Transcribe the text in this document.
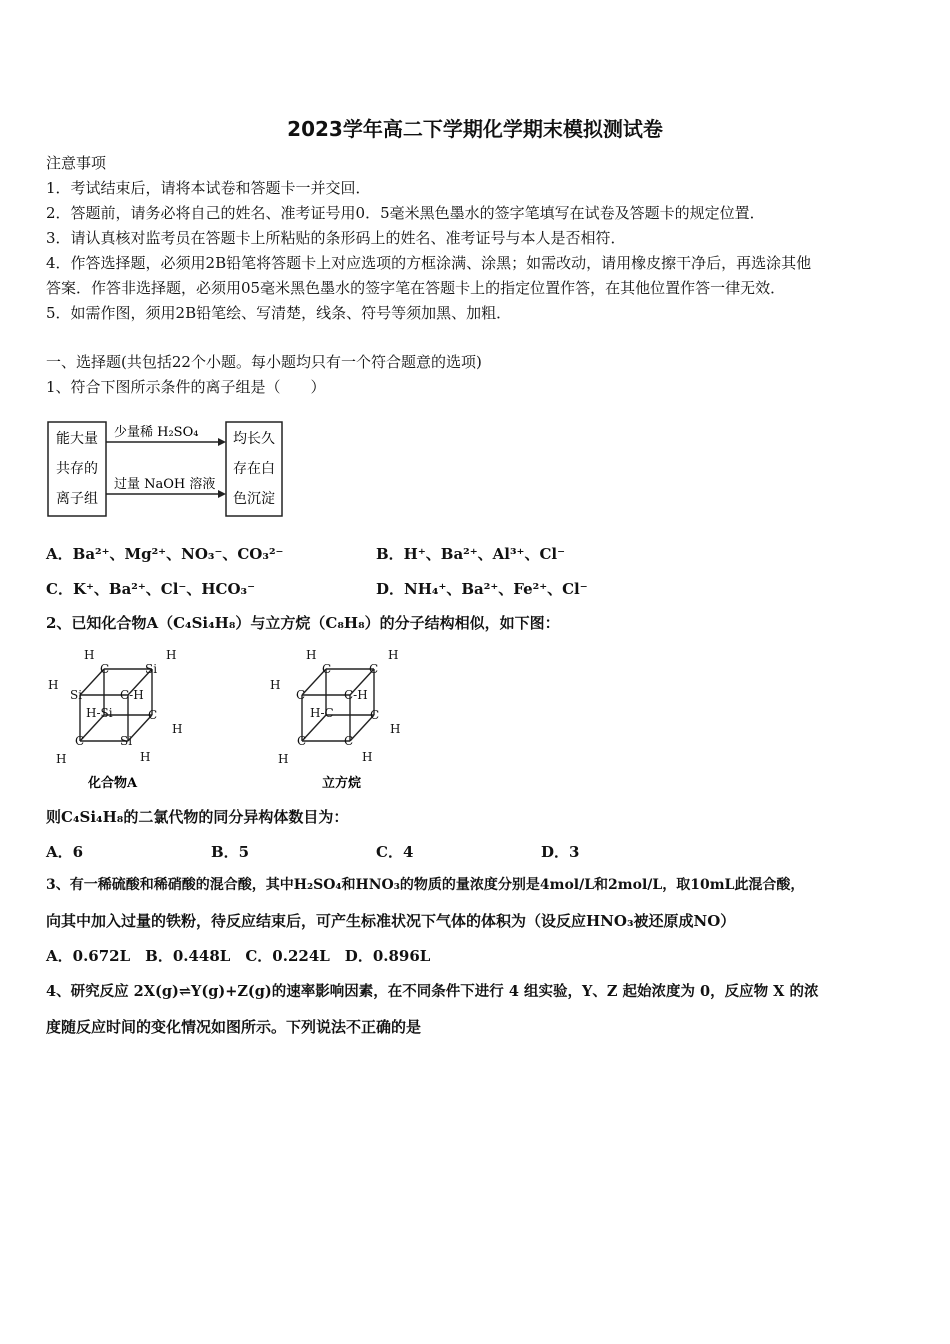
2023学年高二下学期化学期末模拟测试卷
注意事项
1．考试结束后，请将本试卷和答题卡一并交回．
2．答题前，请务必将自己的姓名、准考证号用0．5毫米黑色墨水的签字笔填写在试卷及答题卡的规定位置．
3．请认真核对监考员在答题卡上所粘贴的条形码上的姓名、准考证号与本人是否相符．
4．作答选择题，必须用2B铅笔将答题卡上对应选项的方框涂满、涂黑；如需改动，请用橡皮擦干净后，再选涂其他
答案．作答非选择题，必须用05毫米黑色墨水的签字笔在答题卡上的指定位置作答，在其他位置作答一律无效．
5．如需作图，须用2B铅笔绘、写清楚，线条、符号等须加黑、加粗．
一、选择题(共包括22个小题。每小题均只有一个符合题意的选项)
1、符合下图所示条件的离子组是（　　）
能大量
共存的
离子组
少量稀 H₂SO₄
过量 NaOH 溶液
均长久
存在白
色沉淀
A．Ba²⁺、Mg²⁺、NO₃⁻、CO₃²⁻	B．H⁺、Ba²⁺、Al³⁺、Cl⁻
C．K⁺、Ba²⁺、Cl⁻、HCO₃⁻	D．NH₄⁺、Ba²⁺、Fe²⁺、Cl⁻
2、已知化合物A（C₄Si₄H₈）与立方烷（C₈H₈）的分子结构相似，如下图：
H
C	Si
H
H
Si	C-H
H-Si	C
H
C	Si
H	H
化合物A
H
C	C
H
H
C	C-H
H-C	C
H
C	C
H	H
立方烷
则C₄Si₄H₈的二氯代物的同分异构体数目为：
A．6	B．5	C．4	D．3
3、有一稀硫酸和稀硝酸的混合酸，其中H₂SO₄和HNO₃的物质的量浓度分别是4mol/L和2mol/L，取10mL此混合酸，
向其中加入过量的铁粉，待反应结束后，可产生标准状况下气体的体积为（设反应HNO₃被还原成NO）
A．0.672L　B．0.448L　C．0.224L　D．0.896L
4、研究反应 2X(g)⇌Y(g)+Z(g)的速率影响因素，在不同条件下进行 4 组实验，Y、Z 起始浓度为 0，反应物 X 的浓
度随反应时间的变化情况如图所示。下列说法不正确的是
